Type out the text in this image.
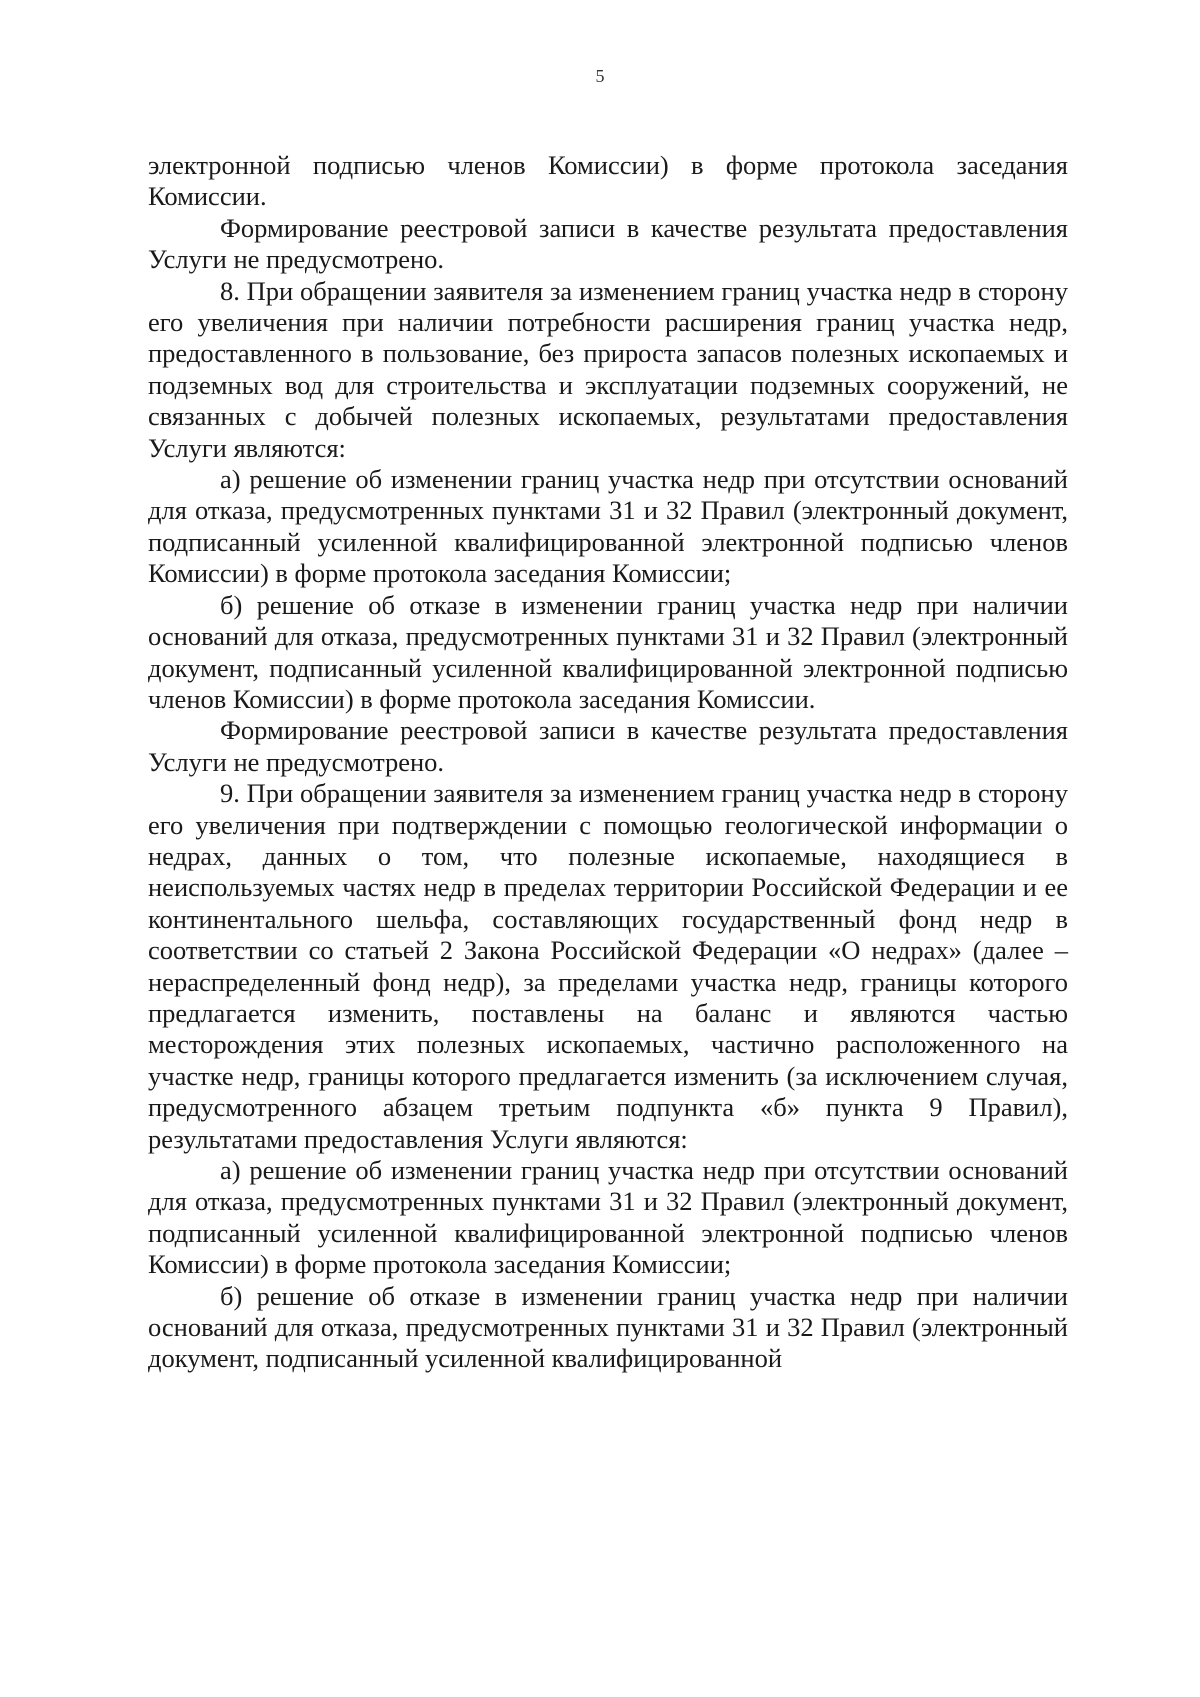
5

электронной подписью членов Комиссии) в форме протокола заседания Комиссии.

Формирование реестровой записи в качестве результата предоставления Услуги не предусмотрено.

8. При обращении заявителя за изменением границ участка недр в сторону его увеличения при наличии потребности расширения границ участка недр, предоставленного в пользование, без прироста запасов полезных ископаемых и подземных вод для строительства и эксплуатации подземных сооружений, не связанных с добычей полезных ископаемых, результатами предоставления Услуги являются:

а) решение об изменении границ участка недр при отсутствии оснований для отказа, предусмотренных пунктами 31 и 32 Правил (электронный документ, подписанный усиленной квалифицированной электронной подписью членов Комиссии) в форме протокола заседания Комиссии;

б) решение об отказе в изменении границ участка недр при наличии оснований для отказа, предусмотренных пунктами 31 и 32 Правил (электронный документ, подписанный усиленной квалифицированной электронной подписью членов Комиссии) в форме протокола заседания Комиссии.

Формирование реестровой записи в качестве результата предоставления Услуги не предусмотрено.

9. При обращении заявителя за изменением границ участка недр в сторону его увеличения при подтверждении с помощью геологической информации о недрах, данных о том, что полезные ископаемые, находящиеся в неиспользуемых частях недр в пределах территории Российской Федерации и ее континентального шельфа, составляющих государственный фонд недр в соответствии со статьей 2 Закона Российской Федерации «О недрах» (далее – нераспределенный фонд недр), за пределами участка недр, границы которого предлагается изменить, поставлены на баланс и являются частью месторождения этих полезных ископаемых, частично расположенного на участке недр, границы которого предлагается изменить (за исключением случая, предусмотренного абзацем третьим подпункта «б» пункта 9 Правил), результатами предоставления Услуги являются:

а) решение об изменении границ участка недр при отсутствии оснований для отказа, предусмотренных пунктами 31 и 32 Правил (электронный документ, подписанный усиленной квалифицированной электронной подписью членов Комиссии) в форме протокола заседания Комиссии;

б) решение об отказе в изменении границ участка недр при наличии оснований для отказа, предусмотренных пунктами 31 и 32 Правил (электронный документ, подписанный усиленной квалифицированной
